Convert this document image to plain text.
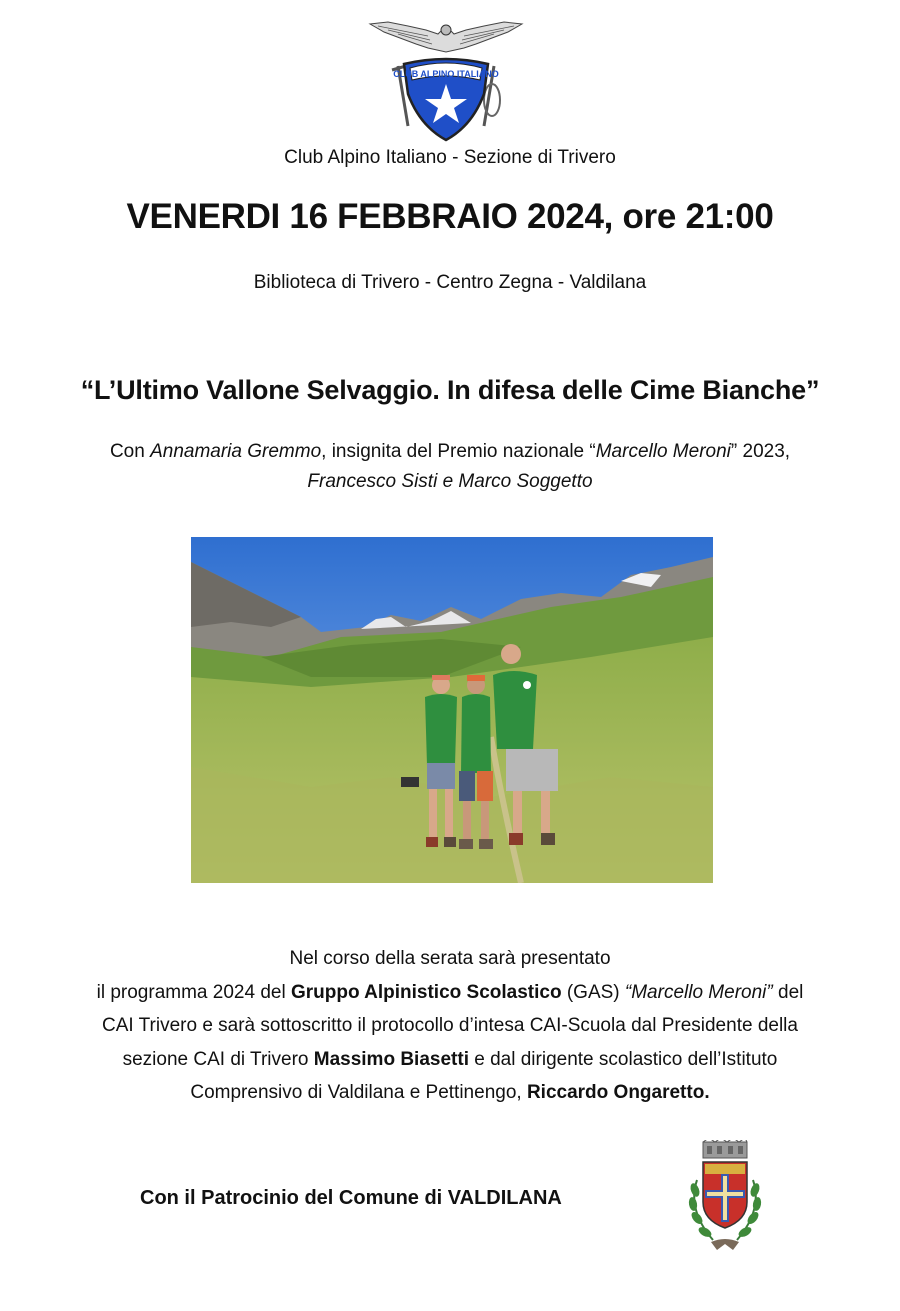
CLUB ALPINO ITALIANO
Club Alpino Italiano - Sezione di Trivero
VENERDI 16 FEBBRAIO 2024, ore 21:00
Biblioteca di Trivero - Centro Zegna - Valdilana
“L’Ultimo Vallone Selvaggio. In difesa delle Cime Bianche”
Con Annamaria Gremmo, insignita del Premio nazionale “Marcello Meroni” 2023,
Francesco Sisti e Marco Soggetto
Nel corso della serata sarà presentato
il programma 2024 del Gruppo Alpinistico Scolastico (GAS) “Marcello Meroni” del
CAI Trivero e sarà sottoscritto il protocollo d’intesa CAI-Scuola dal Presidente della
sezione CAI di Trivero Massimo Biasetti e dal dirigente scolastico dell’Istituto
Comprensivo di Valdilana e Pettinengo, Riccardo Ongaretto.
Con il Patrocinio del Comune di VALDILANA
